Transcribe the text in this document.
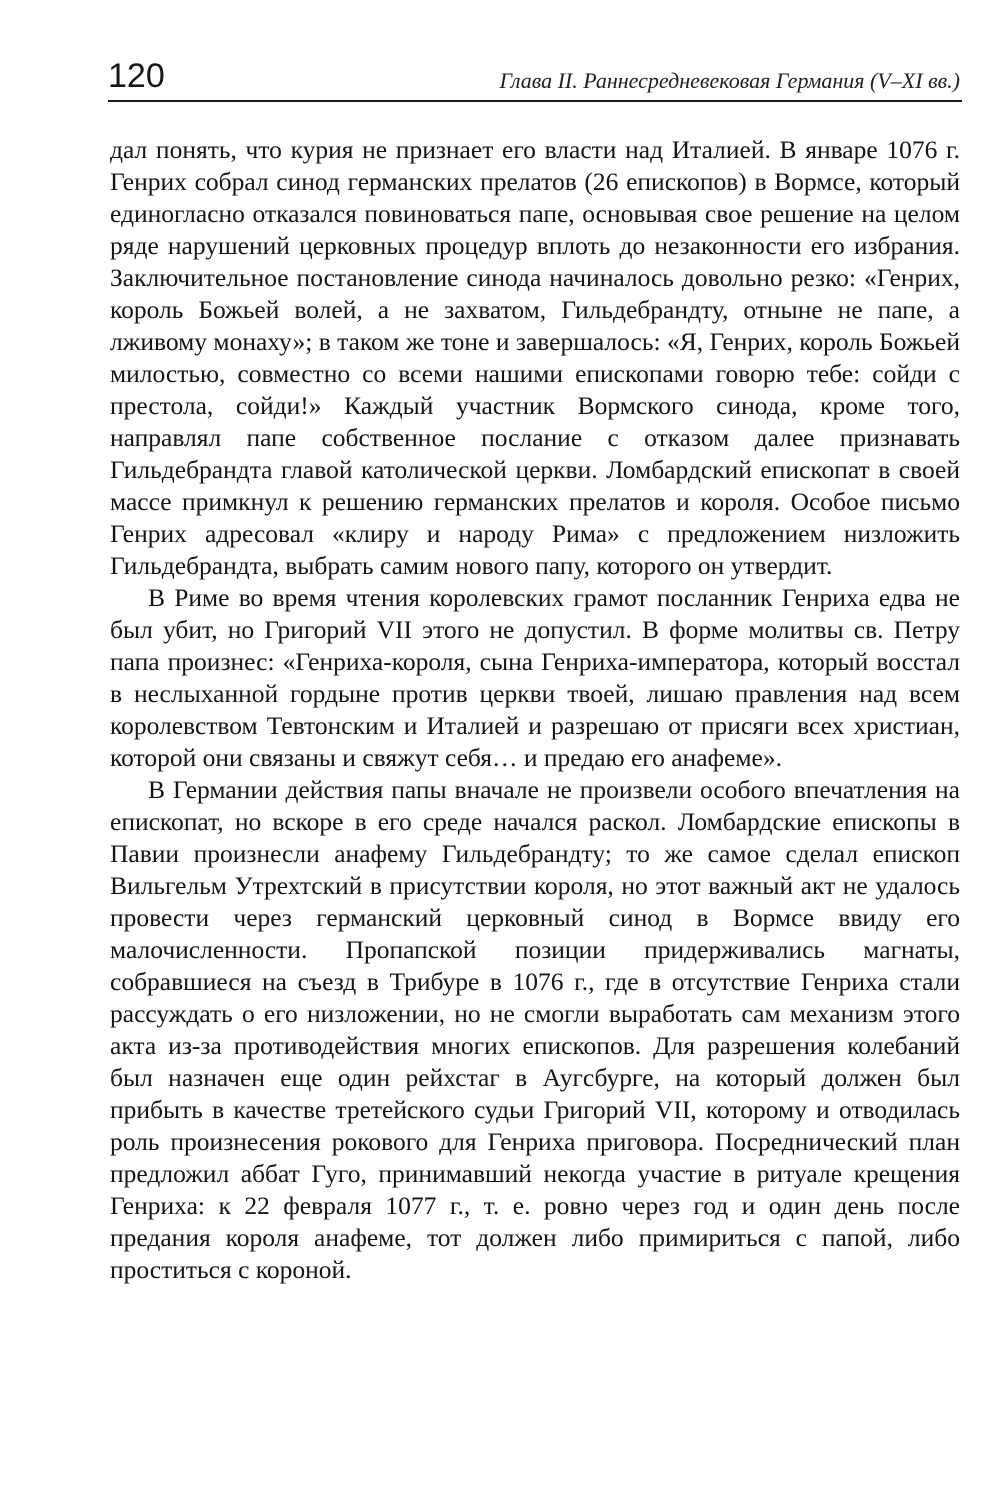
120	Глава II. Раннесредневековая Германия (V–XI вв.)

дал понять, что курия не признает его власти над Италией. В январе 1076 г. Генрих собрал синод германских прелатов (26 епископов) в Вормсе, который единогласно отказался повиноваться папе, основывая свое решение на целом ряде нарушений церковных процедур вплоть до незаконности его избрания. Заключительное постановление синода начиналось довольно резко: «Генрих, король Божьей волей, а не захватом, Гильдебрандту, отныне не папе, а лживому монаху»; в таком же тоне и завершалось: «Я, Генрих, король Божьей милостью, совместно со всеми нашими епископами говорю тебе: сойди с престола, сойди!» Каждый участник Вормского синода, кроме того, направлял папе собственное послание с отказом далее признавать Гильдебрандта главой католической церкви. Ломбардский епископат в своей массе примкнул к решению германских прелатов и короля. Особое письмо Генрих адресовал «клиру и народу Рима» с предложением низложить Гильдебрандта, выбрать самим нового папу, которого он утвердит.

В Риме во время чтения королевских грамот посланник Генриха едва не был убит, но Григорий VII этого не допустил. В форме молитвы св. Петру папа произнес: «Генриха-короля, сына Генриха-императора, который восстал в неслыханной гордыне против церкви твоей, лишаю правления над всем королевством Тевтонским и Италией и разрешаю от присяги всех христиан, которой они связаны и свяжут себя… и предаю его анафеме».

В Германии действия папы вначале не произвели особого впечатления на епископат, но вскоре в его среде начался раскол. Ломбардские епископы в Павии произнесли анафему Гильдебрандту; то же самое сделал епископ Вильгельм Утрехтский в присутствии короля, но этот важный акт не удалось провести через германский церковный синод в Вормсе ввиду его малочисленности. Пропапской позиции придерживались магнаты, собравшиеся на съезд в Трибуре в 1076 г., где в отсутствие Генриха стали рассуждать о его низложении, но не смогли выработать сам механизм этого акта из-за противодействия многих епископов. Для разрешения колебаний был назначен еще один рейхстаг в Аугсбурге, на который должен был прибыть в качестве третейского судьи Григорий VII, которому и отводилась роль произнесения рокового для Генриха приговора. Посреднический план предложил аббат Гуго, принимавший некогда участие в ритуале крещения Генриха: к 22 февраля 1077 г., т. е. ровно через год и один день после предания короля анафеме, тот должен либо примириться с папой, либо проститься с короной.
